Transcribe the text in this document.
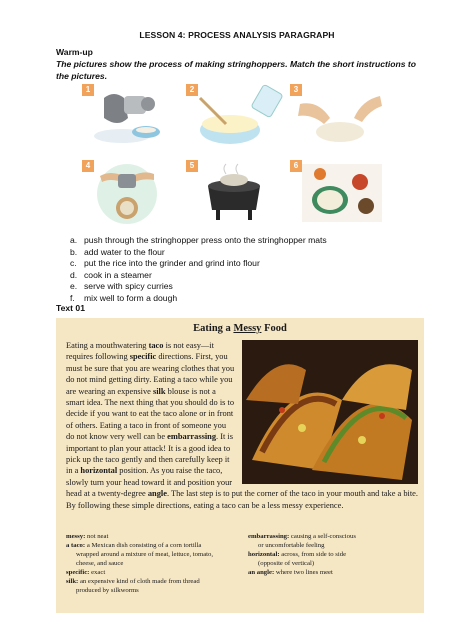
LESSON 4: PROCESS ANALYSIS PARAGRAPH
Warm-up
The pictures show the process of making stringhoppers. Match the short instructions to the pictures.
1	2	3
4	5	6
a. push through the stringhopper press onto the stringhopper mats
b. add water to the flour
c. put the rice into the grinder and grind into flour
d. cook in a steamer
e. serve with spicy curries
f.	mix well to form a dough
Text 01
Eating a Messy Food
Eating a mouthwatering taco is not easy—it requires following specific directions. First, you must be sure that you are wearing clothes that you do not mind getting dirty. Eating a taco while you are wearing an expensive silk blouse is not a smart idea. The next thing that you should do is to decide if you want to eat the taco alone or in front of others. Eating a taco in front of someone you do not know very well can be embarrassing. It is important to plan your attack! It is a good idea to pick up the taco gently and then carefully keep it in a horizontal position. As you raise the taco, slowly turn your head toward it and position your head at a twenty-degree angle. The last step is to put the corner of the taco in your mouth and take a bite. By following these simple directions, eating a taco can be a less messy experience.
messy: not neat
a taco: a Mexican dish consisting of a corn tortilla
wrapped around a mixture of meat, lettuce, tomato,
cheese, and sauce
specific: exact
silk: an expensive kind of cloth made from thread
produced by silkworms
embarrassing: causing a self-conscious
or uncomfortable feeling
horizontal: across, from side to side
(opposite of vertical)
an angle: where two lines meet
